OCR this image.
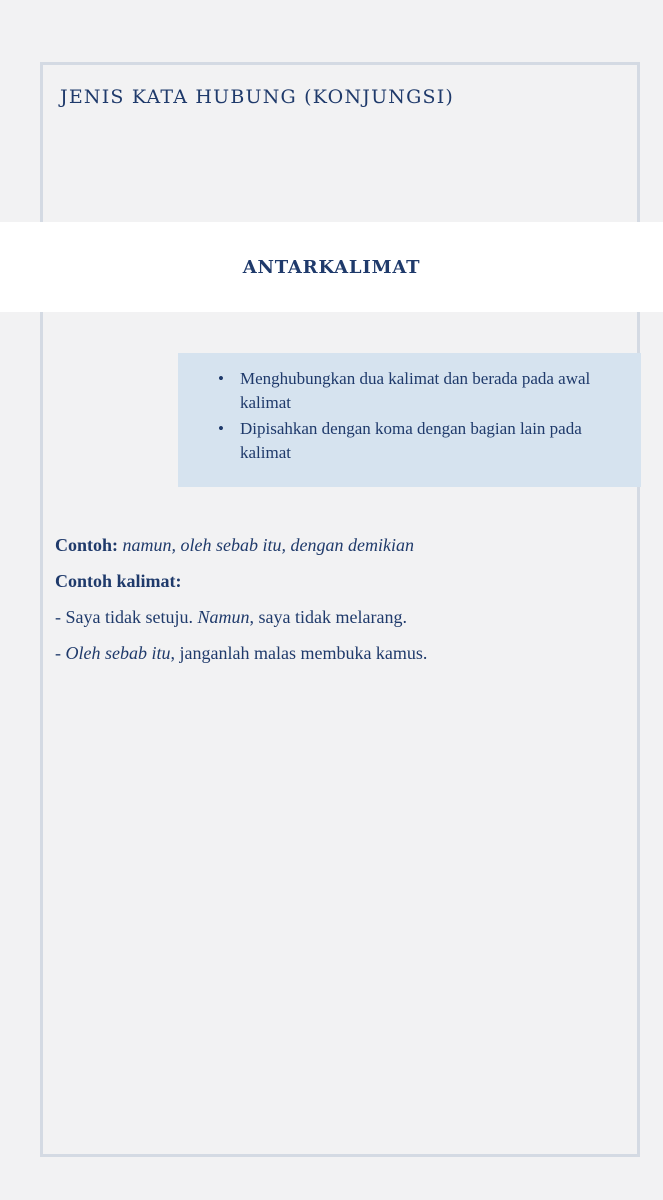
JENIS KATA HUBUNG (KONJUNGSI)
ANTARKALIMAT
• Menghubungkan dua kalimat dan berada pada awal kalimat
• Dipisahkan dengan koma dengan bagian lain pada kalimat
Contoh: namun, oleh sebab itu, dengan demikian
Contoh kalimat:
- Saya tidak setuju. Namun, saya tidak melarang.
- Oleh sebab itu, janganlah malas membuka kamus.
